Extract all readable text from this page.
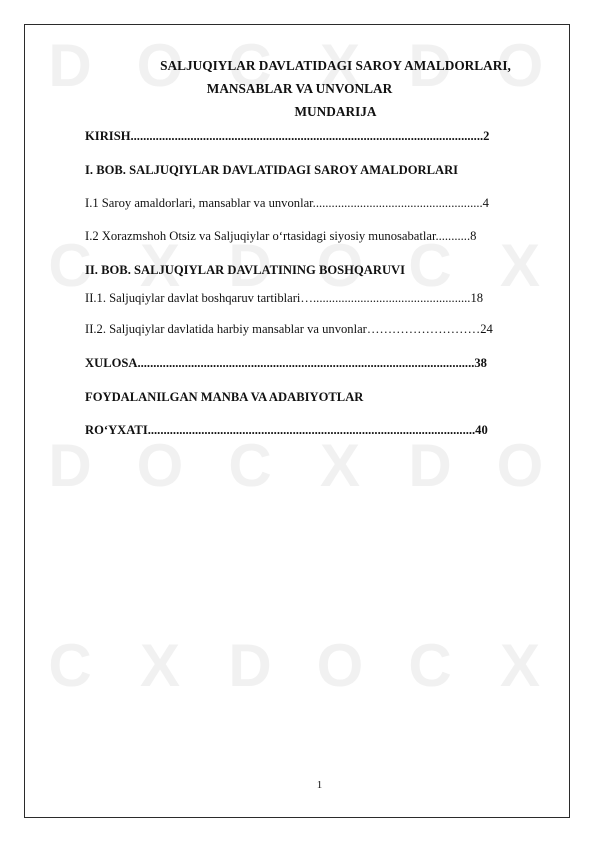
D O C X D O
C X D O C X
D O C X D O
C X D O C X
SALJUQIYLAR DAVLATIDAGI SAROY AMALDORLARI,
MANSABLAR VA UNVONLAR
MUNDARIJA
KIRISH................................................................................................................2
I. BOB. SALJUQIYLAR DAVLATIDAGI SAROY AMALDORLARI
I.1 Saroy amaldorlari, mansablar va unvonlar......................................................4
I.2 Xorazmshoh Otsiz va Saljuqiylar oʻrtasidagi siyosiy munosabatlar...........8
II. BOB. SALJUQIYLAR DAVLATINING BOSHQARUVI
II.1. Saljuqiylar davlat boshqaruv tartiblari…..................................................18
II.2. Saljuqiylar davlatida harbiy mansablar va unvonlar………………………24
XULOSA...........................................................................................................38
FOYDALANILGAN MANBA VA ADABIYOTLAR
ROʻYXATI........................................................................................................40
1
